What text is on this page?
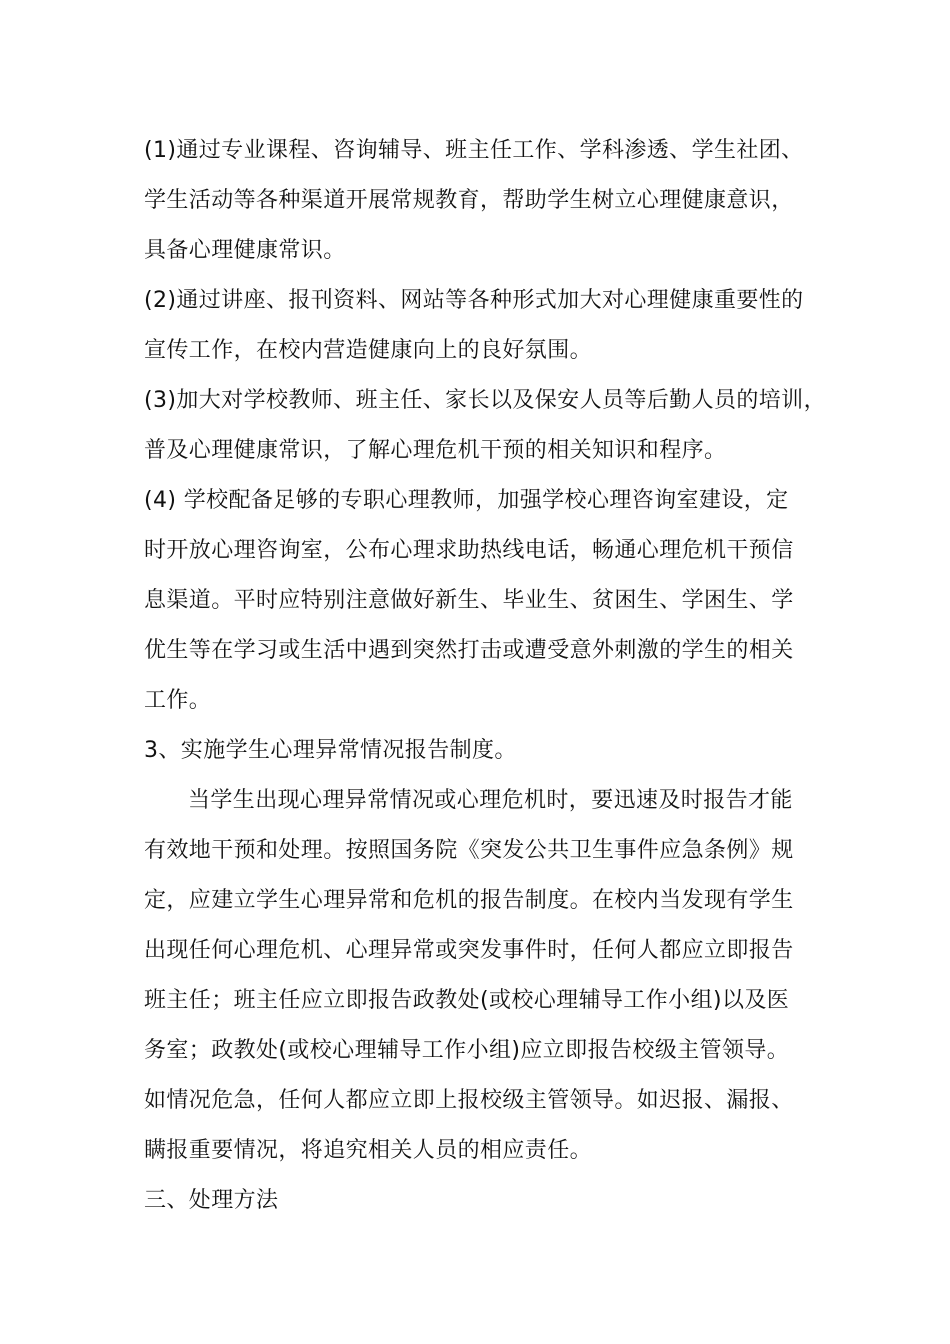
(1)通过专业课程、咨询辅导、班主任工作、学科渗透、学生社团、
学生活动等各种渠道开展常规教育，帮助学生树立心理健康意识，
具备心理健康常识。
(2)通过讲座、报刊资料、网站等各种形式加大对心理健康重要性的
宣传工作，在校内营造健康向上的良好氛围。
(3)加大对学校教师、班主任、家长以及保安人员等后勤人员的培训，
普及心理健康常识，了解心理危机干预的相关知识和程序。
(4) 学校配备足够的专职心理教师，加强学校心理咨询室建设，定
时开放心理咨询室，公布心理求助热线电话，畅通心理危机干预信
息渠道。平时应特别注意做好新生、毕业生、贫困生、学困生、学
优生等在学习或生活中遇到突然打击或遭受意外刺激的学生的相关
工作。
3、实施学生心理异常情况报告制度。
当学生出现心理异常情况或心理危机时，要迅速及时报告才能
有效地干预和处理。按照国务院《突发公共卫生事件应急条例》规
定，应建立学生心理异常和危机的报告制度。在校内当发现有学生
出现任何心理危机、心理异常或突发事件时，任何人都应立即报告
班主任；班主任应立即报告政教处(或校心理辅导工作小组)以及医
务室；政教处(或校心理辅导工作小组)应立即报告校级主管领导。
如情况危急，任何人都应立即上报校级主管领导。如迟报、漏报、
瞒报重要情况，将追究相关人员的相应责任。
三、处理方法
